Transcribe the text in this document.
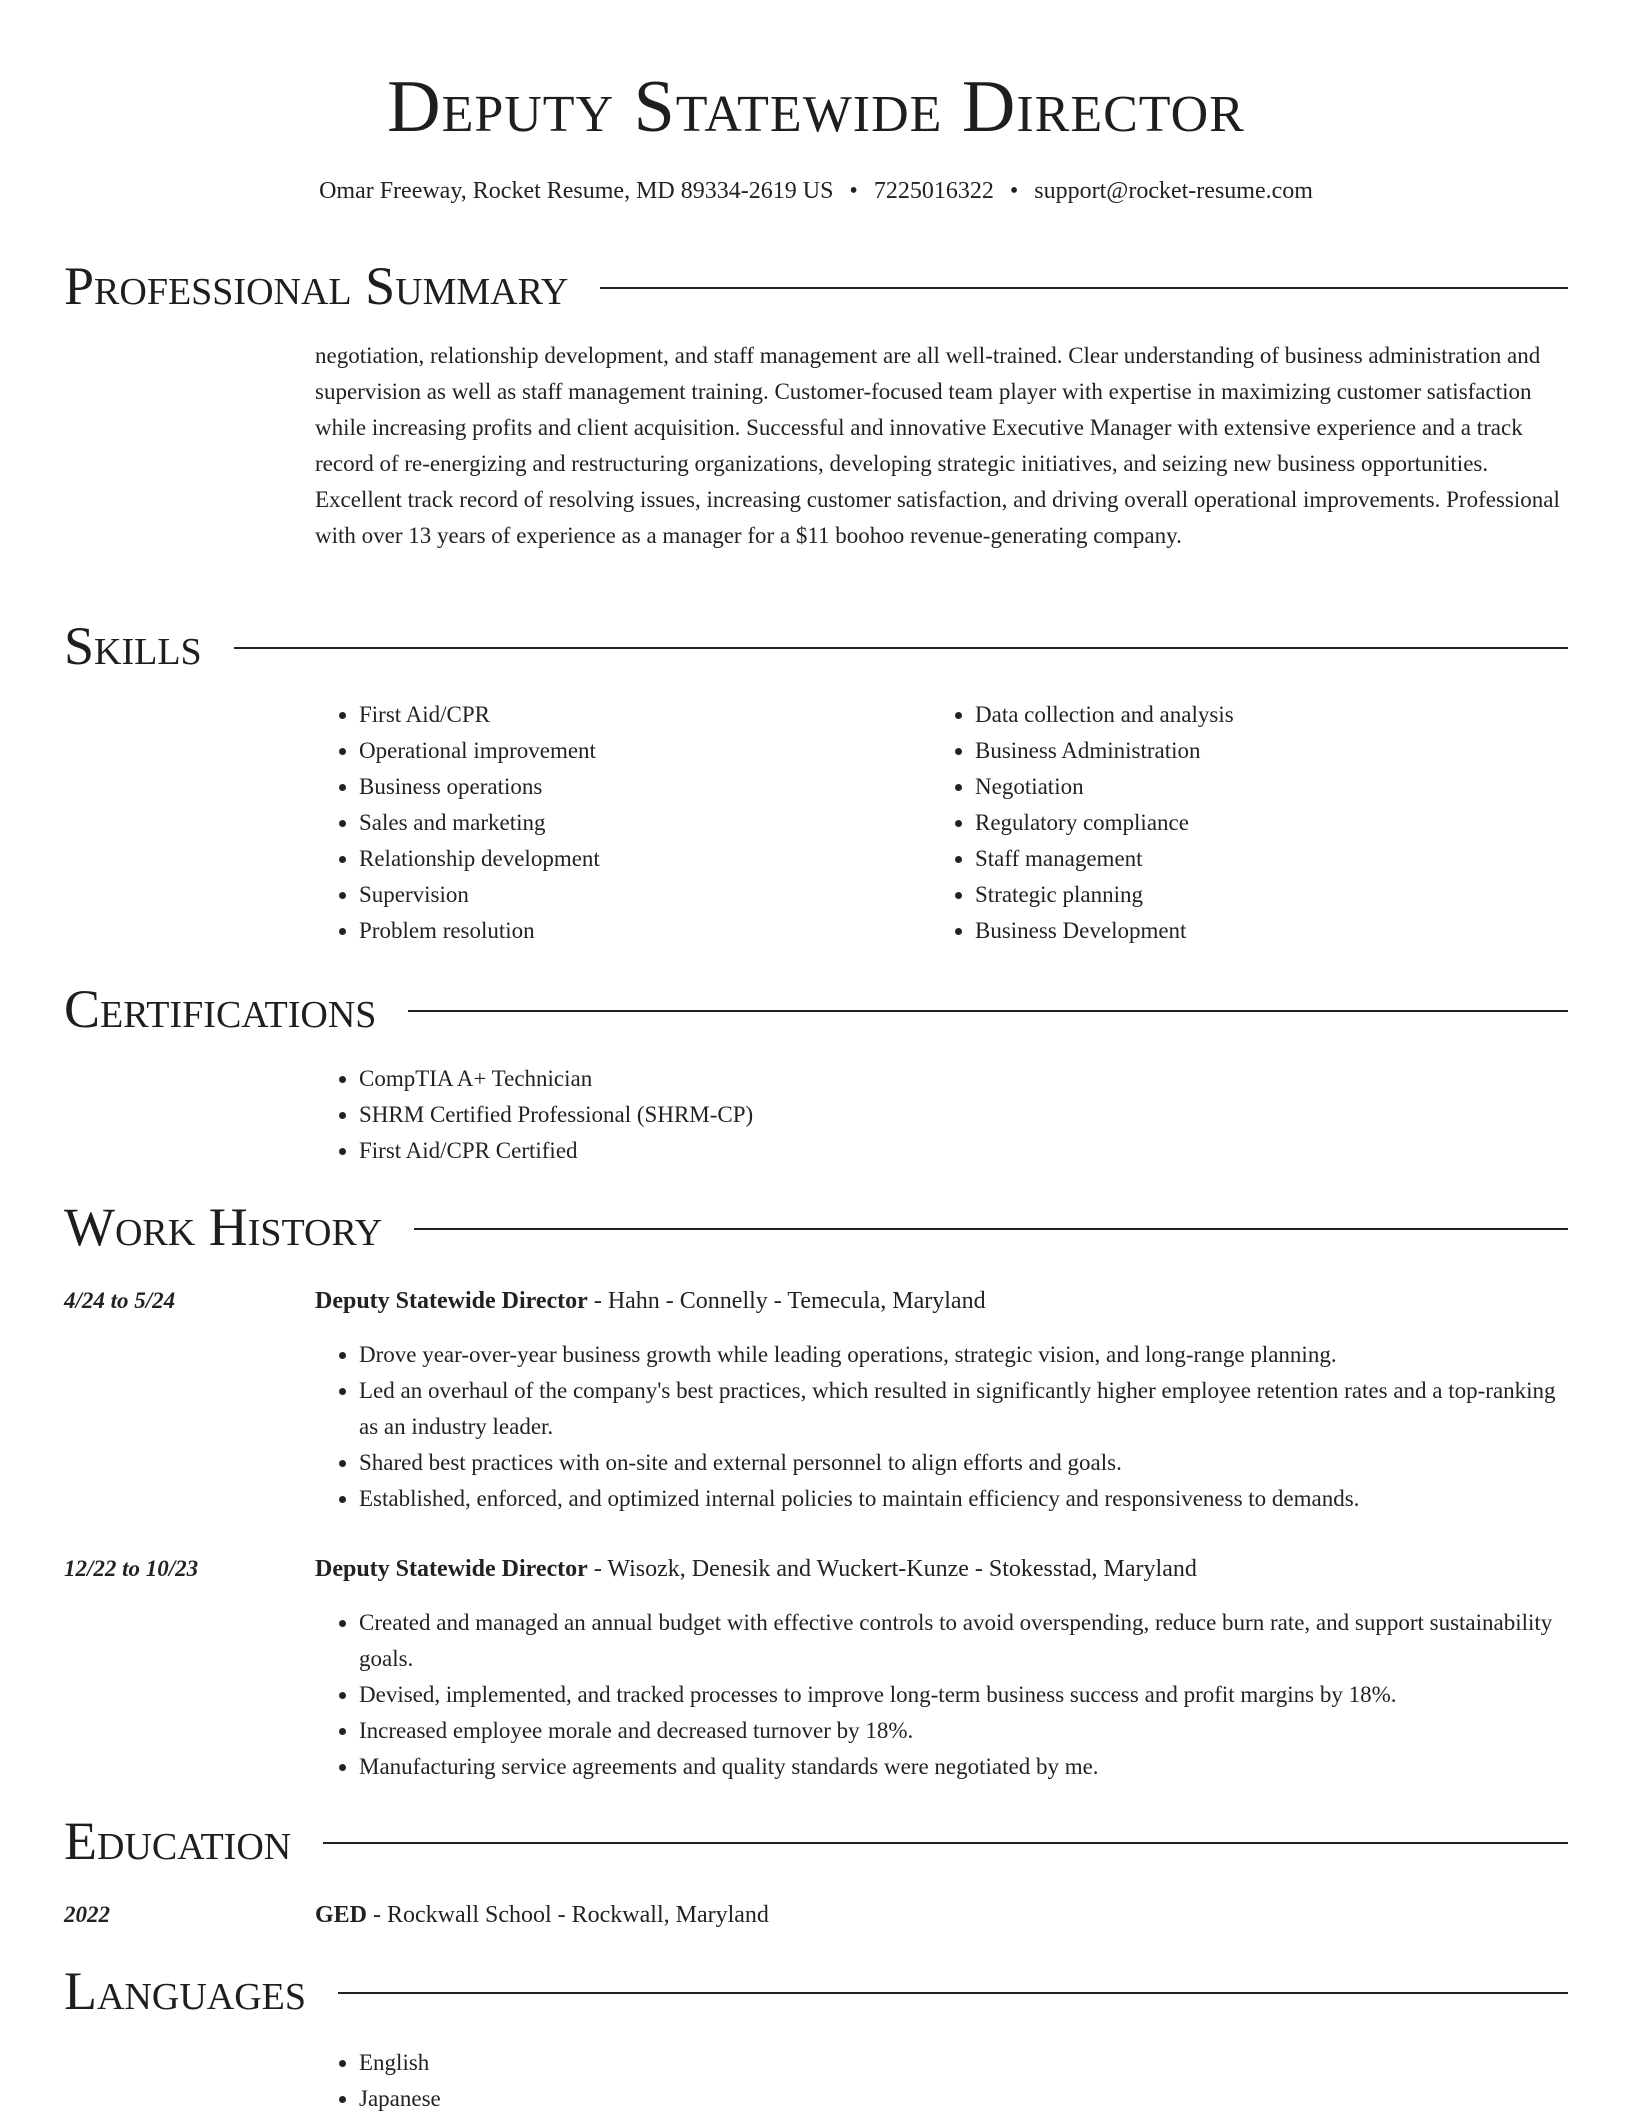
Deputy Statewide Director
Omar Freeway, Rocket Resume, MD 89334-2619 US • 7225016322 • support@rocket-resume.com
Professional Summary

negotiation, relationship development, and staff management are all well-trained. Clear understanding of business administration and supervision as well as staff management training. Customer-focused team player with expertise in maximizing customer satisfaction while increasing profits and client acquisition. Successful and innovative Executive Manager with extensive experience and a track record of re-energizing and restructuring organizations, developing strategic initiatives, and seizing new business opportunities. Excellent track record of resolving issues, increasing customer satisfaction, and driving overall operational improvements. Professional with over 13 years of experience as a manager for a $11 boohoo revenue-generating company.

Skills
• First Aid/CPR
• Operational improvement
• Business operations
• Sales and marketing
• Relationship development
• Supervision
• Problem resolution
• Data collection and analysis
• Business Administration
• Negotiation
• Regulatory compliance
• Staff management
• Strategic planning
• Business Development
Certifications
• CompTIA A+ Technician
• SHRM Certified Professional (SHRM-CP)
• First Aid/CPR Certified
Work History
4/24 to 5/24	Deputy Statewide Director - Hahn - Connelly - Temecula, Maryland
• Drove year-over-year business growth while leading operations, strategic vision, and long-range planning.
• Led an overhaul of the company's best practices, which resulted in significantly higher employee retention rates and a top-ranking as an industry leader.
• Shared best practices with on-site and external personnel to align efforts and goals.
• Established, enforced, and optimized internal policies to maintain efficiency and responsiveness to demands.
12/22 to 10/23	Deputy Statewide Director - Wisozk, Denesik and Wuckert-Kunze - Stokesstad, Maryland
• Created and managed an annual budget with effective controls to avoid overspending, reduce burn rate, and support sustainability goals.
• Devised, implemented, and tracked processes to improve long-term business success and profit margins by 18%.
• Increased employee morale and decreased turnover by 18%.
• Manufacturing service agreements and quality standards were negotiated by me.
Education
2022	GED - Rockwall School - Rockwall, Maryland
Languages
• English
• Japanese
